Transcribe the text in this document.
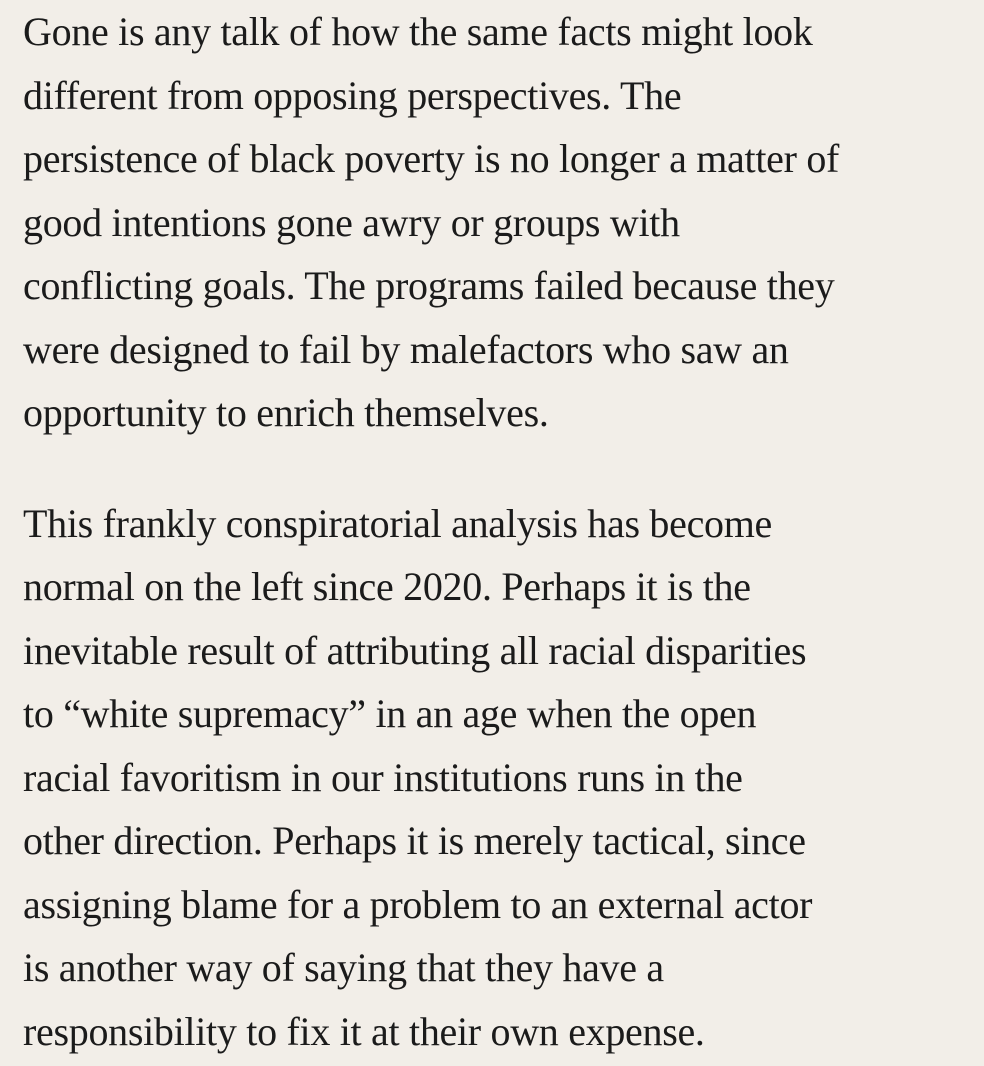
Gone is any talk of how the same facts might look
different from opposing perspectives. The
persistence of black poverty is no longer a matter of
good intentions gone awry or groups with
conflicting goals. The programs failed because they
were designed to fail by malefactors who saw an
opportunity to enrich themselves.

This frankly conspiratorial analysis has become
normal on the left since 2020. Perhaps it is the
inevitable result of attributing all racial disparities
to “white supremacy” in an age when the open
racial favoritism in our institutions runs in the
other direction. Perhaps it is merely tactical, since
assigning blame for a problem to an external actor
is another way of saying that they have a
responsibility to fix it at their own expense.
